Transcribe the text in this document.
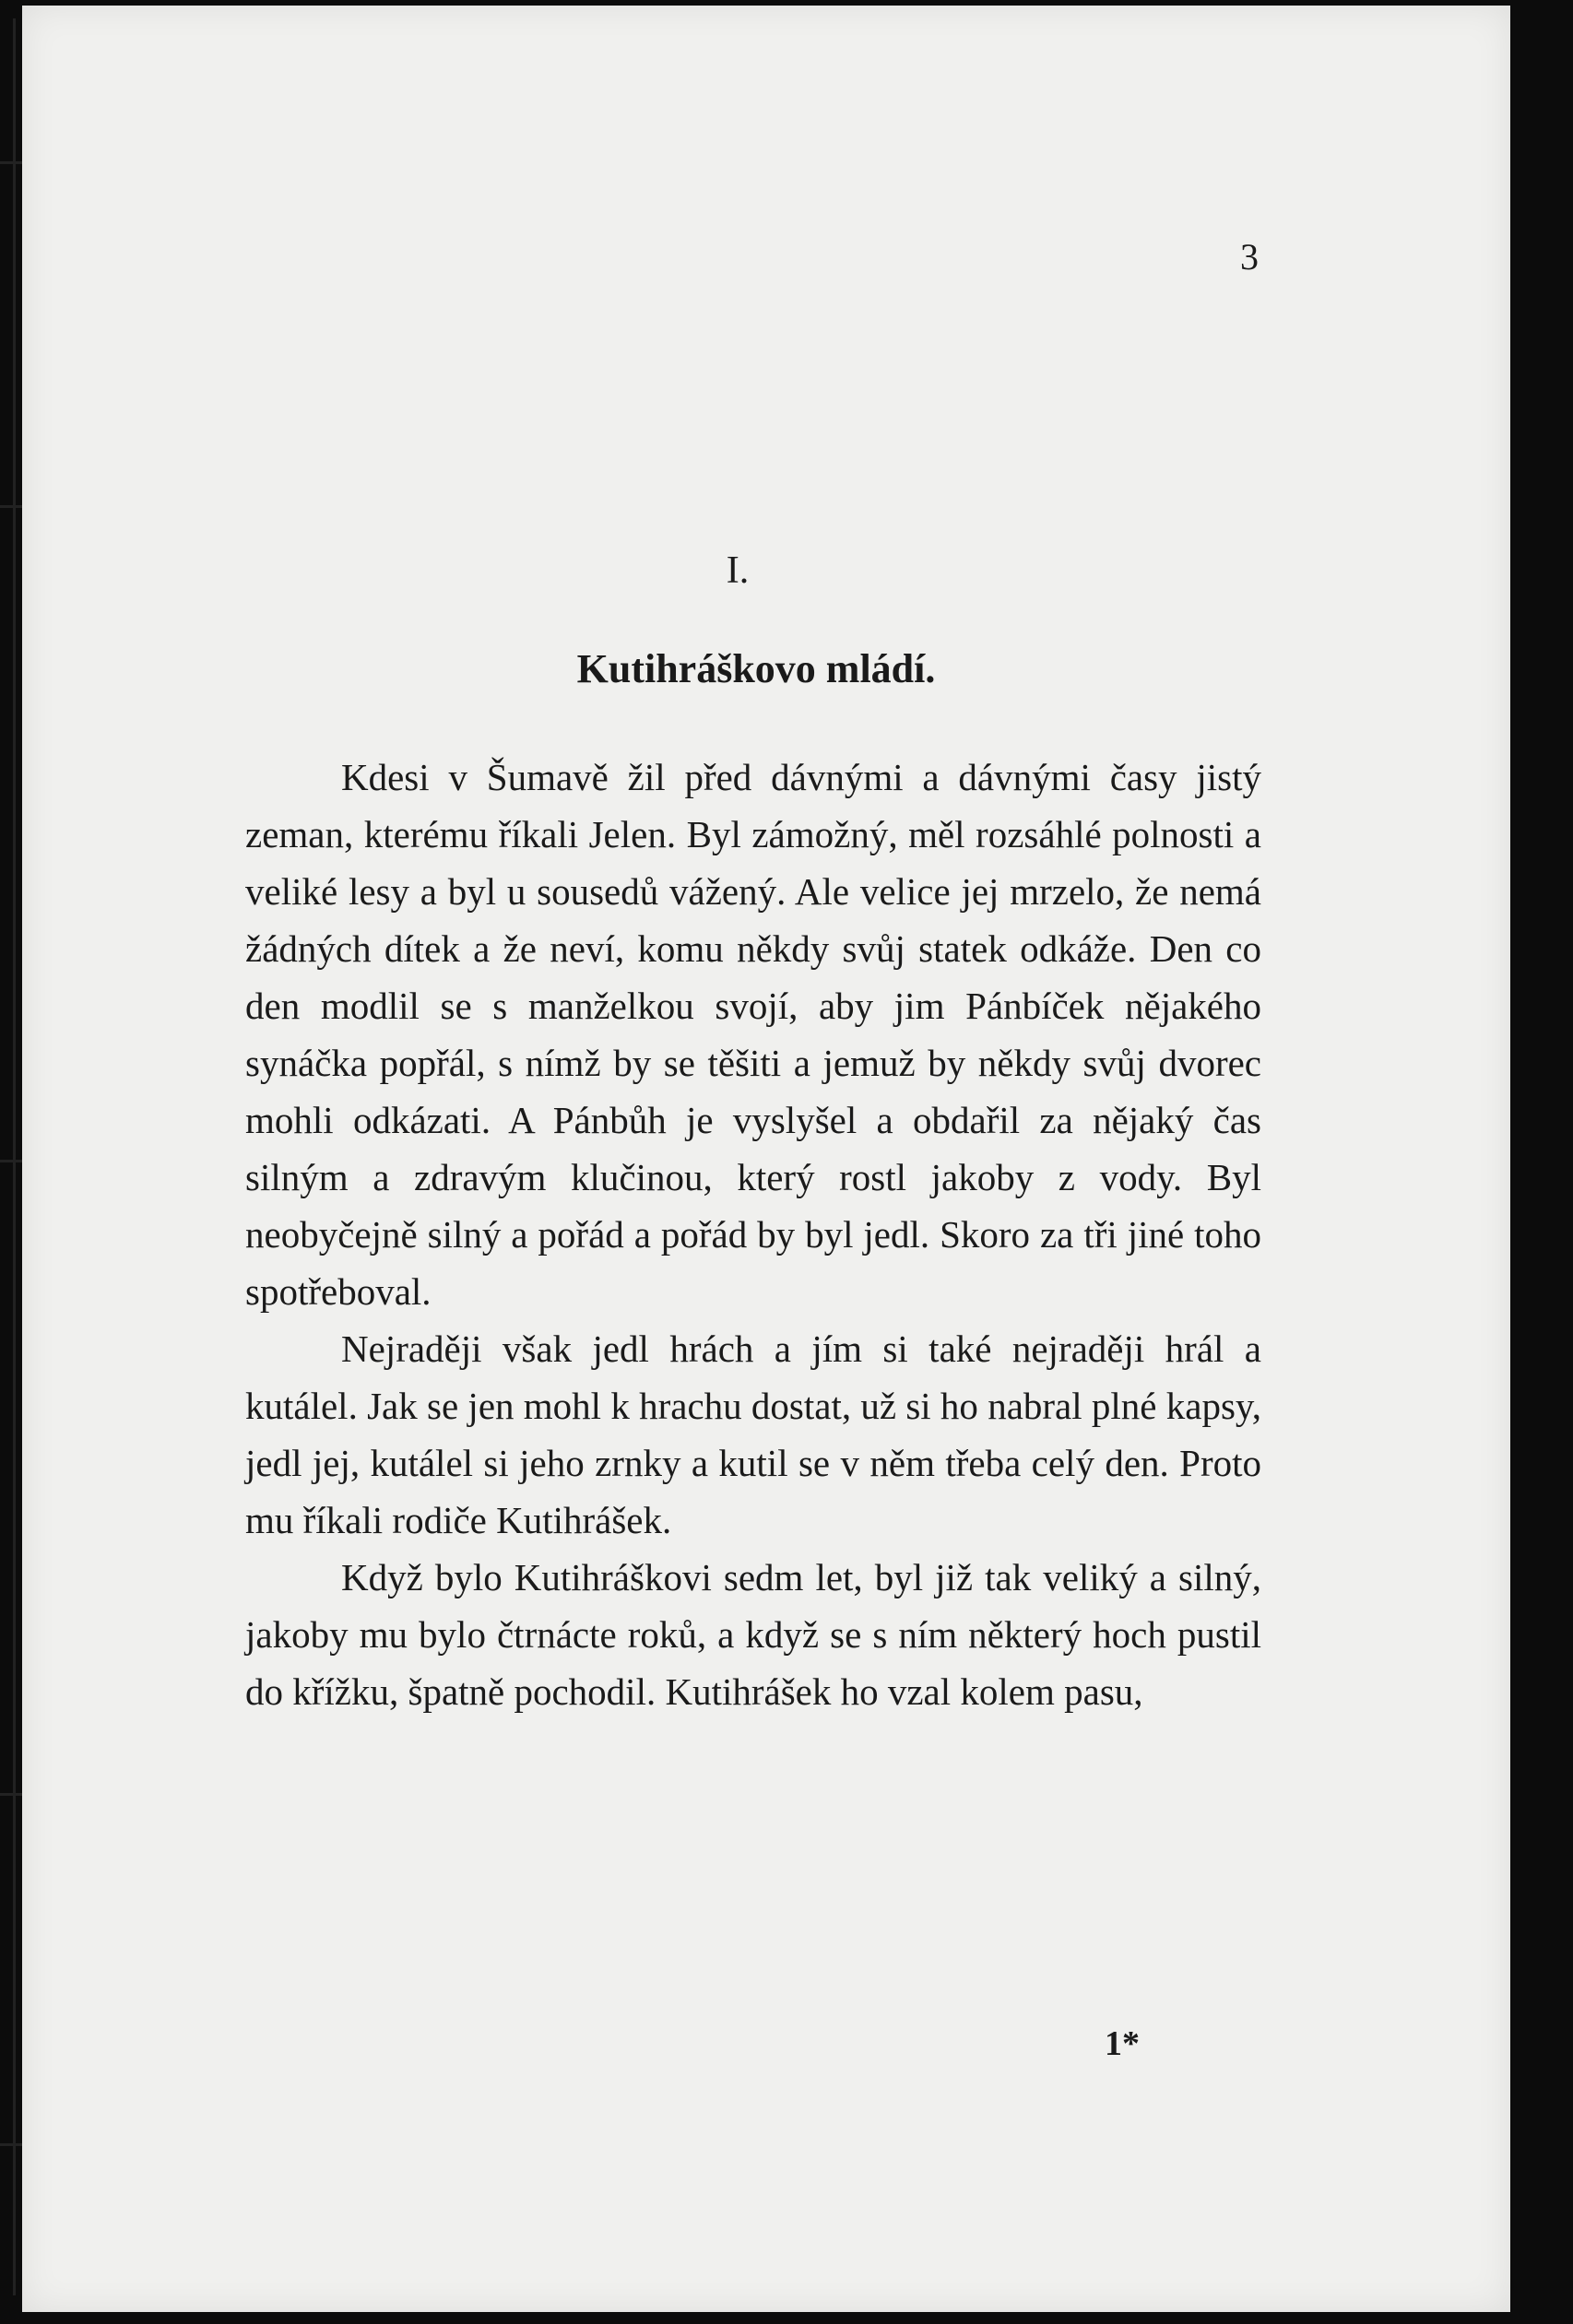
3
I.
Kutihráškovo mládí.

Kdesi v Šumavě žil před dávnými a dávnými časy jistý zeman, kterému říkali Jelen. Byl zámožný, měl rozsáhlé polnosti a veliké lesy a byl u sousedů vážený. Ale velice jej mrzelo, že nemá žádných dítek a že neví, komu někdy svůj statek odkáže. Den co den modlil se s manželkou svojí, aby jim Pánbíček nějakého synáčka popřál, s nímž by se těšiti a jemuž by někdy svůj dvorec mohli odkázati. A Pánbůh je vyslyšel a obdařil za nějaký čas silným a zdravým klučinou, který rostl jakoby z vody. Byl neobyčejně silný a pořád a pořád by byl jedl. Skoro za tři jiné toho spotřeboval.

Nejraději však jedl hrách a jím si také nejraději hrál a kutálel. Jak se jen mohl k hrachu dostat, už si ho nabral plné kapsy, jedl jej, kutálel si jeho zrnky a kutil se v něm třeba celý den. Proto mu říkali rodiče Kutihrášek.

Když bylo Kutihráškovi sedm let, byl již tak veliký a silný, jakoby mu bylo čtrnácte roků, a když se s ním některý hoch pustil do křížku, špatně pochodil. Kutihrášek ho vzal kolem pasu,

1*
